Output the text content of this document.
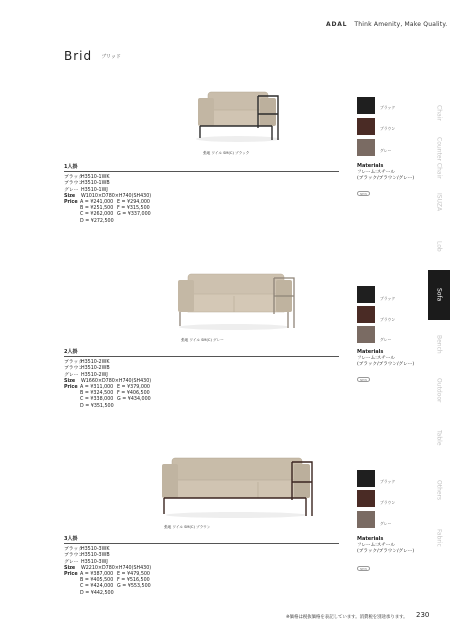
ADAL Think Amenity, Make Quality.
Brid ブリッド
Chair
Counter Chair
ISUZA
Lob
Sofa
Bench
Outdoor
Table
Others
Fabric
張地 ワイル SM(C) ブラック
1人掛
ブラック
H3510-1WK
ブラウン
H3510-1WB
グレー H3510-1WJ
Size	W1010×D780×H740(SH430)
Price A = ¥241,000 E = ¥294,000
B = ¥251,500 F = ¥315,500
C = ¥262,000 G = ¥337,000
D = ¥272,500
ブラック
ブラウン
グレー
Materials
フレーム:スチール
(ブラック/ブラウン/グレー)
NEW
張地 ワイル SM(C) グレー
2人掛
ブラック
H3510-2WK
ブラウン
H3510-2WB
グレー H3510-2WJ
Size	W1660×D780×H740(SH430)
Price A = ¥311,000 E = ¥379,000
B = ¥324,500 F = ¥406,500
C = ¥338,000 G = ¥434,000
D = ¥351,500
ブラック
ブラウン
グレー
Materials
フレーム:スチール
(ブラック/ブラウン/グレー)
NEW
張地 ワイル SM(C) ブラウン
3人掛
ブラック
H3510-3WK
ブラウン
H3510-3WB
グレー H3510-3WJ
Size	W2210×D780×H740(SH430)
Price A = ¥387,000 E = ¥479,500
B = ¥405,500 F = ¥516,500
C = ¥424,000 G = ¥553,500
D = ¥442,500
ブラック
ブラウン
グレー
Materials
フレーム:スチール
(ブラック/ブラウン/グレー)
NEW
※価格は税抜価格を表記しています。消費税を別途承ります。 230
